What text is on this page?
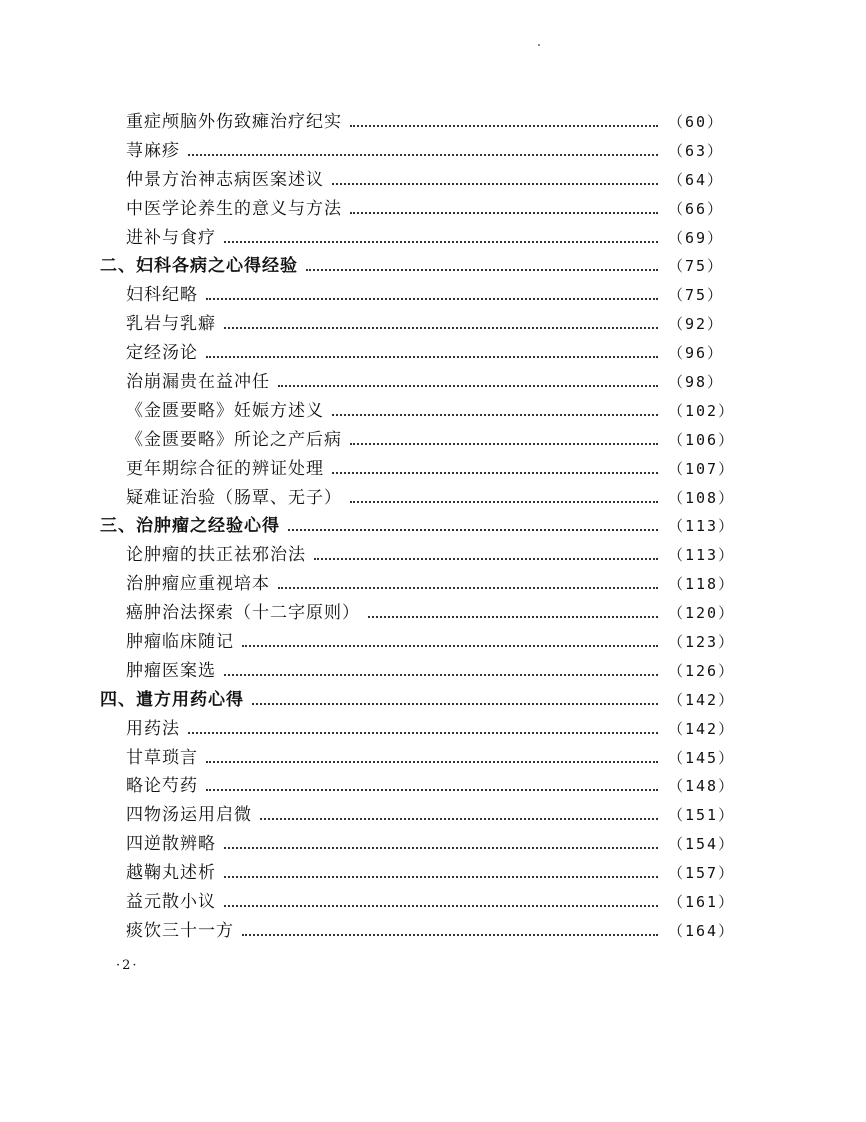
重症颅脑外伤致瘫治疗纪实	（60）
荨麻疹	（63）
仲景方治神志病医案述议	（64）
中医学论养生的意义与方法	（66）
进补与食疗	（69）
二、妇科各病之心得经验	（75）
妇科纪略	（75）
乳岩与乳癖	（92）
定经汤论	（96）
治崩漏贵在益冲任	（98）
《金匮要略》妊娠方述义	（102）
《金匮要略》所论之产后病	（106）
更年期综合征的辨证处理	（107）
疑难证治验（肠覃、无子）	（108）
三、治肿瘤之经验心得	（113）
论肿瘤的扶正祛邪治法	（113）
治肿瘤应重视培本	（118）
癌肿治法探索（十二字原则）	（120）
肿瘤临床随记	（123）
肿瘤医案选	（126）
四、遣方用药心得	（142）
用药法	（142）
甘草琐言	（145）
略论芍药	（148）
四物汤运用启微	（151）
四逆散辨略	（154）
越鞠丸述析	（157）
益元散小议	（161）
痰饮三十一方	（164）
·2·
